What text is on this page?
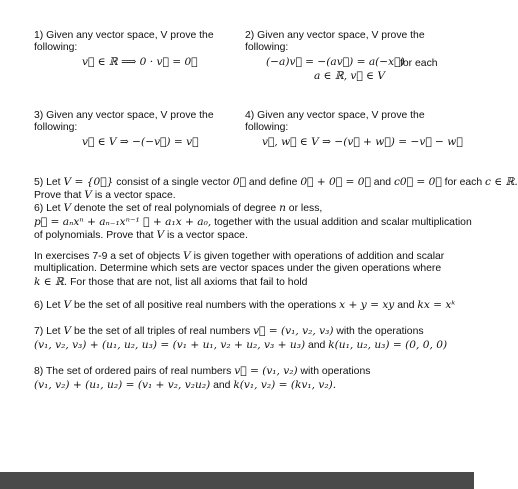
1) Given any vector space, V prove the
following:
v⃗ ∈ ℝ ⟹ 0 · v⃗ = 0⃗
2) Given any vector space, V prove the
following:
(−a)v⃗ = −(av⃗) = a(−x⃗)
for each
a ∈ ℝ, v⃗ ∈ V
3) Given any vector space, V prove the
following:
v⃗ ∈ V ⇒ −(−v⃗) = v⃗
4) Given any vector space, V prove the
following:
v⃗, w⃗ ∈ V ⇒ −(v⃗ + w⃗) = −v⃗ − w⃗
5) Let V = {0⃗} consist of a single vector 0⃗ and define 0⃗ + 0⃗ = 0⃗ and c0⃗ = 0⃗ for each c ∈ ℝ.
Prove that V is a vector space.
6) Let V denote the set of real polynomials of degree n or less,
p⃗ = aₙxⁿ + aₙ₋₁xⁿ⁻¹ ⋯ + a₁x + a₀, together with the usual addition and scalar multiplication
of polynomials. Prove that V is a vector space.
In exercises 7-9 a set of objects V is given together with operations of addition and scalar
multiplication. Determine which sets are vector spaces under the given operations where
k ∈ ℝ. For those that are not, list all axioms that fail to hold
6) Let V be the set of all positive real numbers with the operations x + y = xy and kx = xᵏ
7) Let V be the set of all triples of real numbers v⃗ = (v₁, v₂, v₃) with the operations
(v₁, v₂, v₃) + (u₁, u₂, u₃) = (v₁ + u₁, v₂ + u₂, v₃ + u₃) and k(u₁, u₂, u₃) = (0, 0, 0)
8) The set of ordered pairs of real numbers v⃗ = (v₁, v₂) with operations
(v₁, v₂) + (u₁, u₂) = (v₁ + v₂, v₂u₂) and k(v₁, v₂) = (kv₁, v₂).
